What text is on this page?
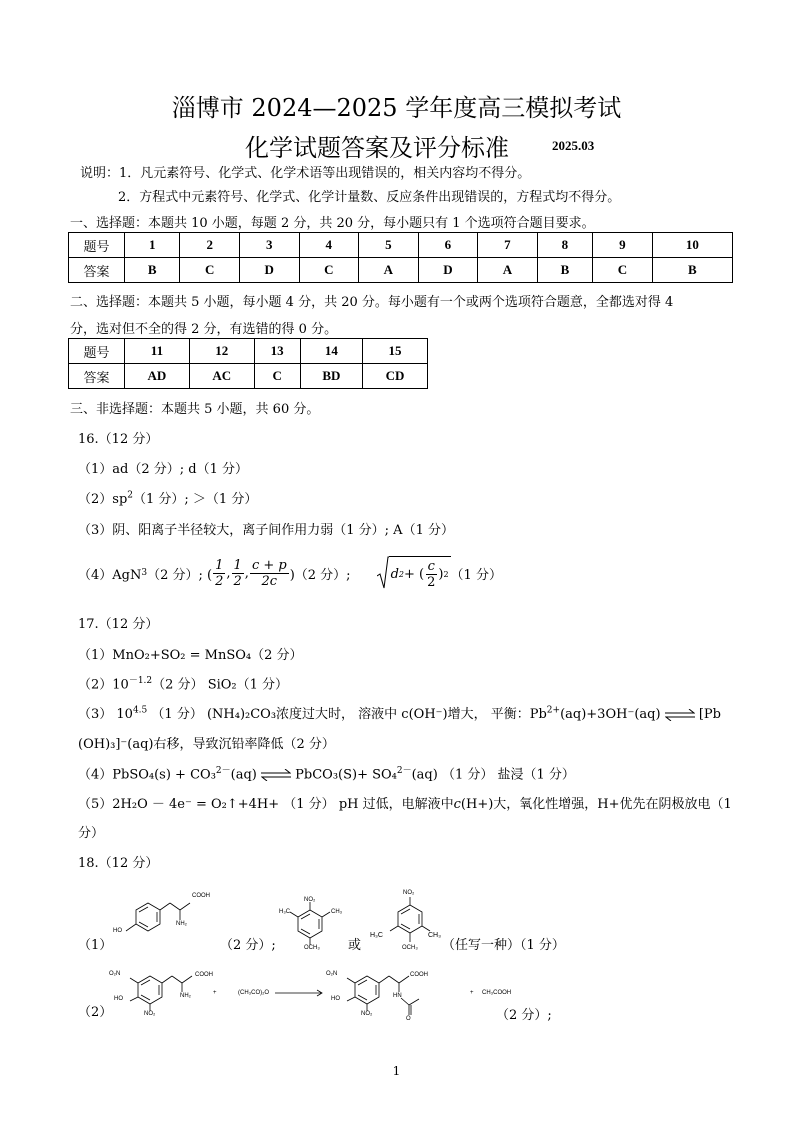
淄博市 2024—2025 学年度高三模拟考试
化学试题答案及评分标准	2025.03
说明：1．凡元素符号、化学式、化学术语等出现错误的，相关内容均不得分。
2．方程式中元素符号、化学式、化学计量数、反应条件出现错误的，方程式均不得分。
一、选择题：本题共 10 小题，每题 2 分，共 20 分，每小题只有 1 个选项符合题目要求。
题号	1	2	3	4	5	6	7	8	9	10
答案	B	C	D	C	A	D	A	B	C	B
二、选择题：本题共 5 小题，每小题 4 分，共 20 分。每小题有一个或两个选项符合题意，全都选对得 4
分，选对但不全的得 2 分，有选错的得 0 分。
题号	11	12	13	14	15
答案	AD	AC	C	BD	CD
三、非选择题：本题共 5 小题，共 60 分。
16.（12 分）
（1）ad（2 分）; d（1 分）
$(2)sp^2(1$ 分）; ＞（1 分）
（3）阴、阳离子半径较大，离子间作用力弱（1 分）; A（1 分）
（4）AgN 3 （2 分）; ( $\frac{1}{2}$ , $\frac{1}{2}$ , $\frac{c + p}{2c} )(2$ 分）;	d 2 + ( $\frac{c}{2}$ ) 2 （1 分）
17.（12 分）
（1）MnO₂+SO₂ = MnSO₄（2 分）
$(2)10^{-1.2}(2$ 分） SiO₂（1 分）
（3） $10^{4.5}$ （1 分） (NH₄)₂CO₃浓度过大时， 溶液中 c(OH⁻)增大， 平衡：$Pb^{2+}(aq)+3OH^-(aq)$ ⇌ [Pb
(OH)₃]⁻(aq)右移，导致沉铅率降低（2 分）
（4）PbSO₄(s) + CO₃$^{2-}$(aq) ⇌ PbCO₃(S)+ SO₄$^{2-}$(aq) （1 分） 盐浸（1 分）
（5）2H₂O － 4e⁻ = O₂↑+4H+ （1 分） pH 过低，电解液中c(H+)大，氧化性增强，H+优先在阴极放电（1
分）
18.（12 分）
（1）
COOH
NH₂
HO
（2 分）;
NO₂
H₃C	CH₃
OCH₃ 或
NO₂
H₃C	CH₃
OCH₃ （任写一种）（1 分）
（2）
O₂N
HO
NO₂
COOH
NH₂	+	(CH₃CO)₂O →
O₂N
HO
NO₂
COOH
HN
O
+ CH₃COOH
（2 分）;
1
